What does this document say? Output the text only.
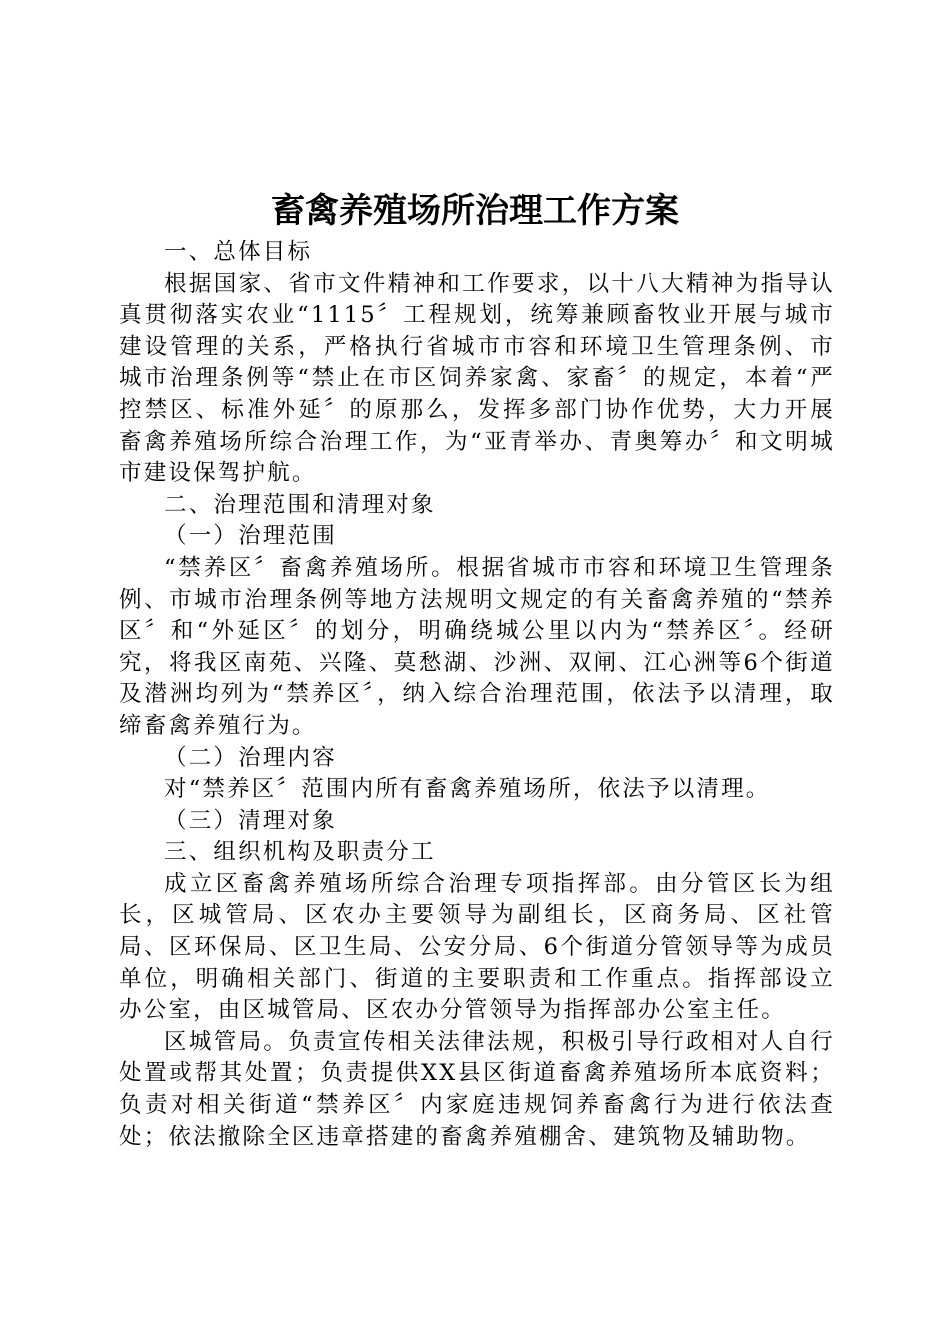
畜禽养殖场所治理工作方案

一、总体目标

根据国家、省市文件精神和工作要求，以十八大精神为指导认真贯彻落实农业“1115〞工程规划，统筹兼顾畜牧业开展与城市建设管理的关系，严格执行省城市市容和环境卫生管理条例、市城市治理条例等“禁止在市区饲养家禽、家畜〞的规定，本着“严控禁区、标准外延〞的原那么，发挥多部门协作优势，大力开展畜禽养殖场所综合治理工作，为“亚青举办、青奥筹办〞和文明城市建设保驾护航。

二、治理范围和清理对象

（一）治理范围

“禁养区〞畜禽养殖场所。根据省城市市容和环境卫生管理条例、市城市治理条例等地方法规明文规定的有关畜禽养殖的“禁养区〞和“外延区〞的划分，明确绕城公里以内为“禁养区〞。经研究，将我区南苑、兴隆、莫愁湖、沙洲、双闸、江心洲等6个街道及潜洲均列为“禁养区〞，纳入综合治理范围，依法予以清理，取缔畜禽养殖行为。

（二）治理内容

对“禁养区〞范围内所有畜禽养殖场所，依法予以清理。

（三）清理对象

三、组织机构及职责分工

成立区畜禽养殖场所综合治理专项指挥部。由分管区长为组长，区城管局、区农办主要领导为副组长，区商务局、区社管局、区环保局、区卫生局、公安分局、6个街道分管领导等为成员单位，明确相关部门、街道的主要职责和工作重点。指挥部设立办公室，由区城管局、区农办分管领导为指挥部办公室主任。

区城管局。负责宣传相关法律法规，积极引导行政相对人自行处置或帮其处置；负责提供XX县区街道畜禽养殖场所本底资料；负责对相关街道“禁养区〞内家庭违规饲养畜禽行为进行依法查处；依法撤除全区违章搭建的畜禽养殖棚舍、建筑物及辅助物。
